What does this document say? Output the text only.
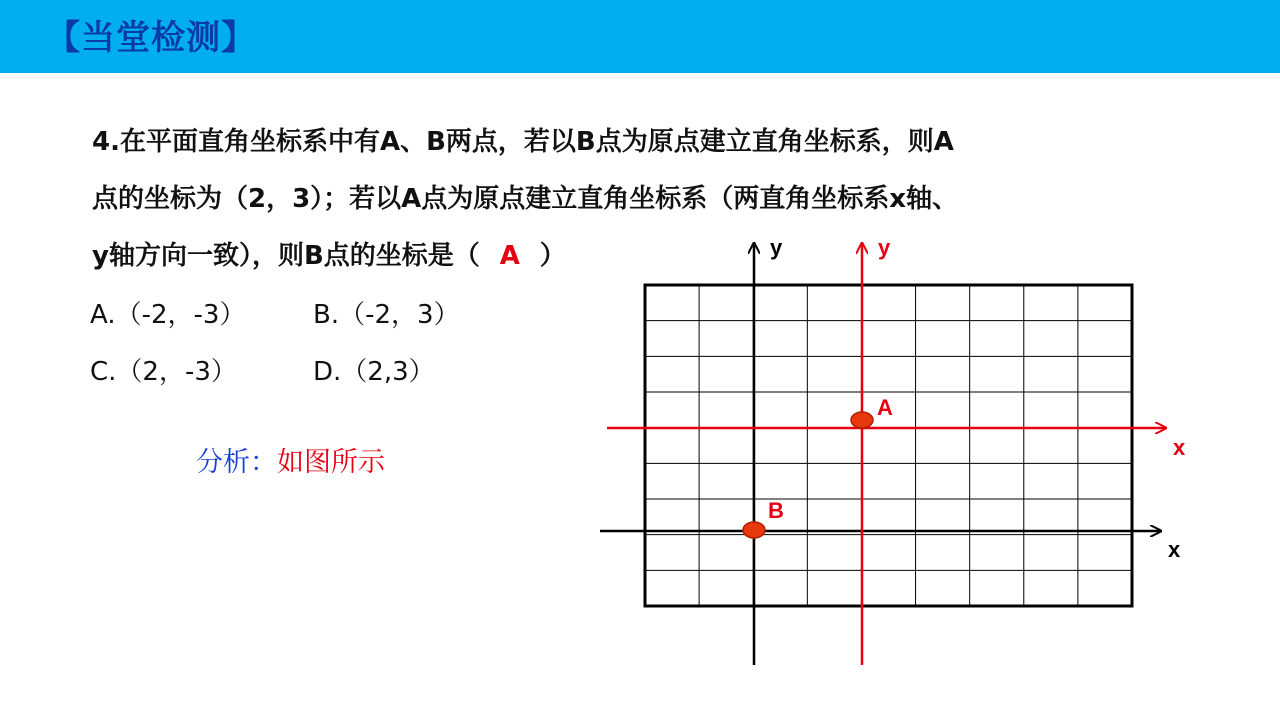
【当堂检测】
4.在平面直角坐标系中有A、B两点，若以B点为原点建立直角坐标系，则A
点的坐标为（2，3）；若以A点为原点建立直角坐标系（两直角坐标系x轴、
y轴方向一致），则B点的坐标是（ A ）
A.（-2，-3）	B.（-2，3）
C.（2，-3）	D.（2,3）
分析：如图所示
x
y
x
y
A
B
